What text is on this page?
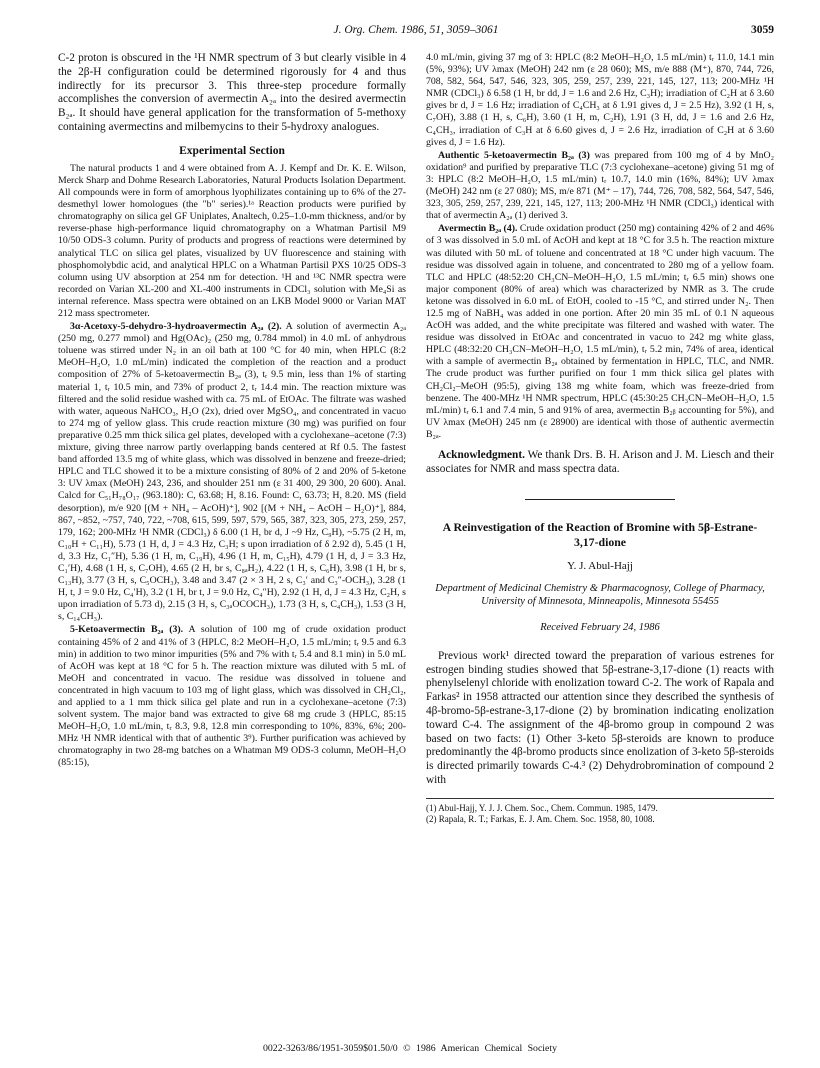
J. Org. Chem. 1986, 51, 3059–3061	3059

C-2 proton is obscured in the ¹H NMR spectrum of 3 but clearly visible in 4 the 2β-H configuration could be determined rigorously for 4 and thus indirectly for its precursor 3. This three-step procedure formally accomplishes the conversion of avermectin A₂ₐ into the desired avermectin B₂ₐ. It should have general application for the transformation of 5-methoxy containing avermectins and milbemycins to their 5-hydroxy analogues.

Experimental Section

The natural products 1 and 4 were obtained from A. J. Kempf and Dr. K. E. Wilson, Merck Sharp and Dohme Research Laboratories, Natural Products Isolation Department. All compounds were in form of amorphous lyophilizates containing up to 6% of the 27-desmethyl lower homologues (the "b" series).¹ᵃ Reaction products were purified by chromatography on silica gel GF Uniplates, Analtech, 0.25–1.0-mm thickness, and/or by reverse-phase high-performance liquid chromatography on a Whatman Partisil M9 10/50 ODS-3 column. Purity of products and progress of reactions were determined by analytical TLC on silica gel plates, visualized by UV fluorescence and staining with phosphomolybdic acid, and analytical HPLC on a Whatman Partisil PXS 10/25 ODS-3 column using UV absorption at 254 nm for detection. ¹H and ¹³C NMR spectra were recorded on Varian XL-200 and XL-400 instruments in CDCl₃ solution with Me₄Si as internal reference. Mass spectra were obtained on an LKB Model 9000 or Varian MAT 212 mass spectrometer.

3α-Acetoxy-5-dehydro-3-hydroavermectin A₂ₐ (2). A solution of avermectin A₂ₐ (250 mg, 0.277 mmol) and Hg(OAc)₂ (250 mg, 0.784 mmol) in 4.0 mL of anhydrous toluene was stirred under N₂ in an oil bath at 100 °C for 40 min, when HPLC (8:2 MeOH–H₂O, 1.0 mL/min) indicated the completion of the reaction and a product composition of 27% of 5-ketoavermectin B₂ₐ (3), tᵣ 9.5 min, less than 1% of starting material 1, tᵣ 10.5 min, and 73% of product 2, tᵣ 14.4 min. The reaction mixture was filtered and the solid residue washed with ca. 75 mL of EtOAc. The filtrate was washed with water, aqueous NaHCO₃, H₂O (2x), dried over MgSO₄, and concentrated in vacuo to 274 mg of yellow glass. This crude reaction mixture (30 mg) was purified on four preparative 0.25 mm thick silica gel plates, developed with a cyclohexane–acetone (7:3) mixture, giving three narrow partly overlapping bands centered at Rf 0.5. The fastest band afforded 13.5 mg of white glass, which was dissolved in benzene and freeze-dried; HPLC and TLC showed it to be a mixture consisting of 80% of 2 and 20% of 5-ketone 3: UV λmax (MeOH) 243, 236, and shoulder 251 nm (ε 31 400, 29 300, 20 600). Anal. Calcd for C₅₁H₇₈O₁₇ (963.180): C, 63.68; H, 8.16. Found: C, 63.73; H, 8.20. MS (field desorption), m/e 920 [(M + NH₄ – AcOH)⁺], 902 [(M + NH₄ – AcOH – H₂O)⁺], 884, 867, ~852, ~757, 740, 722, ~708, 615, 599, 597, 579, 565, 387, 323, 305, 273, 259, 257, 179, 162; 200-MHz ¹H NMR (CDCl₃) δ 6.00 (1 H, br d, J ~9 Hz, C₉H), ~5.75 (2 H, m, C₁₀H + C₁₁H), 5.73 (1 H, d, J = 4.3 Hz, C₃H; s upon irradiation of δ 2.92 d), 5.45 (1 H, d, 3.3 Hz, C₁″H), 5.36 (1 H, m, C₁₉H), 4.96 (1 H, m, C₁₅H), 4.79 (1 H, d, J = 3.3 Hz, C₁′H), 4.68 (1 H, s, C₇OH), 4.65 (2 H, br s, C₈ₐH₂), 4.22 (1 H, s, C₆H), 3.98 (1 H, br s, C₁₃H), 3.77 (3 H, s, C₅OCH₃), 3.48 and 3.47 (2 × 3 H, 2 s, C₃′ and C₃″-OCH₃), 3.28 (1 H, t, J = 9.0 Hz, C₄′H), 3.2 (1 H, br t, J = 9.0 Hz, C₄″H), 2.92 (1 H, d, J = 4.3 Hz, C₂H, s upon irradiation of 5.73 d), 2.15 (3 H, s, C₃ₐOCOCH₃), 1.73 (3 H, s, C₄CH₃), 1.53 (3 H, s, C₁₄CH₃).

5-Ketoavermectin B₂ₐ (3). A solution of 100 mg of crude oxidation product containing 45% of 2 and 41% of 3 (HPLC, 8:2 MeOH–H₂O, 1.5 mL/min; tᵣ 9.5 and 6.3 min) in addition to two minor impurities (5% and 7% with tᵣ 5.4 and 8.1 min) in 5.0 mL of AcOH was kept at 18 °C for 5 h. The reaction mixture was diluted with 5 mL of MeOH and concentrated in vacuo. The residue was dissolved in toluene and concentrated in high vacuum to 103 mg of light glass, which was dissolved in CH₂Cl₂, and applied to a 1 mm thick silica gel plate and run in a cyclohexane–acetone (7:3) solvent system. The major band was extracted to give 68 mg crude 3 (HPLC, 85:15 MeOH–H₂O, 1.0 mL/min, tᵣ 8.3, 9.8, 12.8 min corresponding to 10%, 83%, 6%; 200-MHz ¹H NMR identical with that of authentic 3⁹). Further purification was achieved by chromatography in two 28-mg batches on a Whatman M9 ODS-3 column, MeOH–H₂O (85:15),

4.0 mL/min, giving 37 mg of 3: HPLC (8:2 MeOH–H₂O, 1.5 mL/min) tᵣ 11.0, 14.1 min (5%, 93%); UV λmax (MeOH) 242 nm (ε 28 060); MS, m/e 888 (M⁺), 870, 744, 726, 708, 582, 564, 547, 546, 323, 305, 259, 257, 239, 221, 145, 127, 113; 200-MHz ¹H NMR (CDCl₃) δ 6.58 (1 H, br dd, J = 1.6 and 2.6 Hz, C₃H); irradiation of C₂H at δ 3.60 gives br d, J = 1.6 Hz; irradiation of C₄CH₃ at δ 1.91 gives d, J = 2.5 Hz), 3.92 (1 H, s, C₇OH), 3.88 (1 H, s, C₆H), 3.60 (1 H, m, C₂H), 1.91 (3 H, dd, J = 1.6 and 2.6 Hz, C₄CH₃, irradiation of C₃H at δ 6.60 gives d, J = 2.6 Hz, irradiation of C₂H at δ 3.60 gives d, J = 1.6 Hz).

Authentic 5-ketoavermectin B₂ₐ (3) was prepared from 100 mg of 4 by MnO₂ oxidation⁹ and purified by preparative TLC (7:3 cyclohexane–acetone) giving 51 mg of 3: HPLC (8:2 MeOH–H₂O, 1.5 mL/min) tᵣ 10.7, 14.0 min (16%, 84%); UV λmax (MeOH) 242 nm (ε 27 080); MS, m/e 871 (M⁺ – 17), 744, 726, 708, 582, 564, 547, 546, 323, 305, 259, 257, 239, 221, 145, 127, 113; 200-MHz ¹H NMR (CDCl₃) identical with that of avermectin A₂ₐ (1) derived 3.

Avermectin B₂ₐ (4). Crude oxidation product (250 mg) containing 42% of 2 and 46% of 3 was dissolved in 5.0 mL of AcOH and kept at 18 °C for 3.5 h. The reaction mixture was diluted with 50 mL of toluene and concentrated at 18 °C under high vacuum. The residue was dissolved again in toluene, and concentrated to 280 mg of a yellow foam. TLC and HPLC (48:52:20 CH₃CN–MeOH–H₂O, 1.5 mL/min; tᵣ 6.5 min) shows one major component (80% of area) which was characterized by NMR as 3. The crude ketone was dissolved in 6.0 mL of EtOH, cooled to -15 °C, and stirred under N₂. Then 12.5 mg of NaBH₄ was added in one portion. After 20 min 35 mL of 0.1 N aqueous AcOH was added, and the white precipitate was filtered and washed with water. The residue was dissolved in EtOAc and concentrated in vacuo to 242 mg white glass, HPLC (48:32:20 CH₃CN–MeOH–H₂O, 1.5 mL/min), tᵣ 5.2 min, 74% of area, identical with a sample of avermectin B₂ₐ obtained by fermentation in HPLC, TLC, and NMR. The crude product was further purified on four 1 mm thick silica gel plates with CH₂Cl₂–MeOH (95:5), giving 138 mg white foam, which was freeze-dried from benzene. The 400-MHz ¹H NMR spectrum, HPLC (45:30:25 CH₃CN–MeOH–H₂O, 1.5 mL/min) tᵣ 6.1 and 7.4 min, 5 and 91% of area, avermectin B₂ᵦ accounting for 5%), and UV λmax (MeOH) 245 nm (ε 28900) are identical with those of authentic avermectin B₂ₐ.

Acknowledgment. We thank Drs. B. H. Arison and J. M. Liesch and their associates for NMR and mass spectra data.

A Reinvestigation of the Reaction of Bromine with 5β-Estrane-3,17-dione
Y. J. Abul-Hajj
Department of Medicinal Chemistry & Pharmacognosy, College of Pharmacy, University of Minnesota, Minneapolis, Minnesota 55455
Received February 24, 1986

Previous work¹ directed toward the preparation of various estrenes for estrogen binding studies showed that 5β-estrane-3,17-dione (1) reacts with phenylselenyl chloride with enolization toward C-2. The work of Rapala and Farkas² in 1958 attracted our attention since they described the synthesis of 4β-bromo-5β-estrane-3,17-dione (2) by bromination indicating enolization toward C-4. The assignment of the 4β-bromo group in compound 2 was based on two facts: (1) Other 3-keto 5β-steroids are known to produce predominantly the 4β-bromo products since enolization of 3-keto 5β-steroids is directed primarily towards C-4.³ (2) Dehydrobromination of compound 2 with

(1) Abul-Hajj, Y. J. J. Chem. Soc., Chem. Commun. 1985, 1479.
(2) Rapala, R. T.; Farkas, E. J. Am. Chem. Soc. 1958, 80, 1008.
0022-3263/86/1951-3059$01.50/0 © 1986 American Chemical Society
